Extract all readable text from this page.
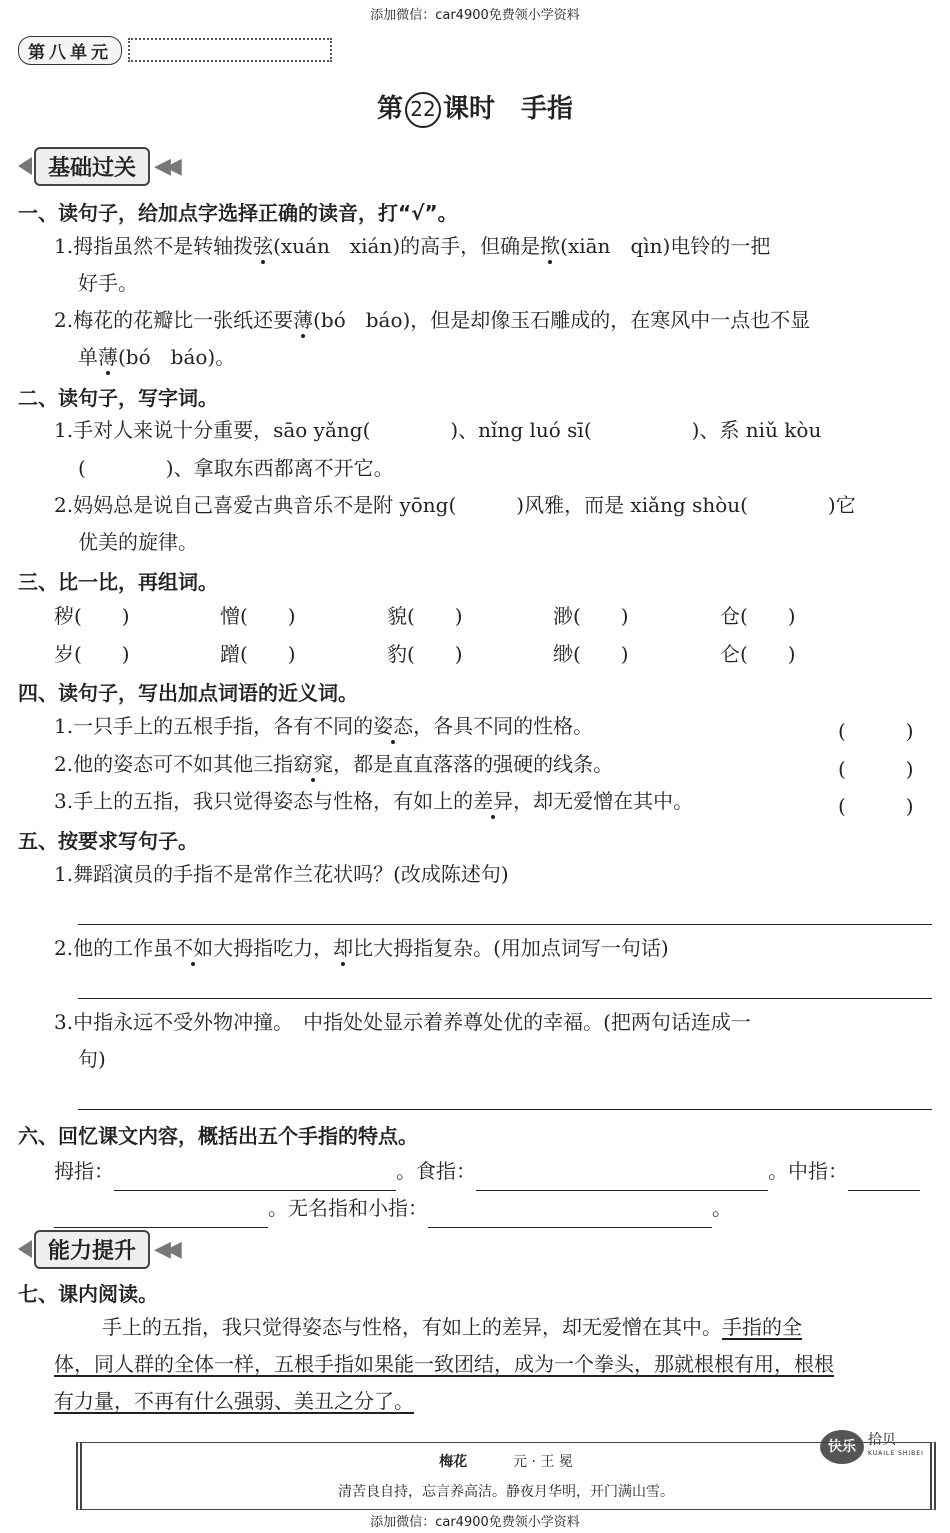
添加微信：car4900免费领小学资料
第八单元
第 22 课时 手指
基础过关 ◀◀
一、读句子，给加点字选择正确的读音，打“√”。
1.拇指虽然不是转轴拨弦(xuán　xián)的高手，但确是揿(xiān　qìn)电铃的一把
好手。
2.梅花的花瓣比一张纸还要薄(bó　báo)，但是却像玉石雕成的，在寒风中一点也不显
单薄(bó　báo)。
二、读句子，写字词。
1.手对人来说十分重要，sāo yǎng(　　　　)、nǐng luó sī(　　　　　)、系 niǔ kòu
(　　　　)、拿取东西都离不开它。
2.妈妈总是说自己喜爱古典音乐不是附 yōng(　　　)风雅，而是 xiǎng shòu(　　　　)它
优美的旋律。
三、比一比，再组词。
秽(　　)	憎(　　)	貌(　　)	渺(　　)	仓(　　)
岁(　　)	蹭(　　)	豹(　　)	缈(　　)	仑(　　)
四、读句子，写出加点词语的近义词。
1.一只手上的五根手指，各有不同的姿态，各具不同的性格。	(　　　)
2.他的姿态可不如其他三指窈窕，都是直直落落的强硬的线条。	(　　　)
3.手上的五指，我只觉得姿态与性格，有如上的差异，却无爱憎在其中。	(　　　)
五、按要求写句子。
1.舞蹈演员的手指不是常作兰花状吗？(改成陈述句)
2.他的工作虽不如大拇指吃力，却比大拇指复杂。(用加点词写一句话)
3.中指永远不受外物冲撞。　中指处处显示着养尊处优的幸福。(把两句话连成一
句)
六、回忆课文内容，概括出五个手指的特点。
拇指：	。食指：	。中指：
。无名指和小指：	。
能力提升 ◀◀
七、课内阅读。
手上的五指，我只觉得姿态与性格，有如上的差异，却无爱憎在其中。手指的全
体，同人群的全体一样，五根手指如果能一致团结，成为一个拳头，那就根根有用，根根
有力量，不再有什么强弱、美丑之分了。
快乐 拾贝
KUAILE SHIBEI
梅花	元 · 王 冕
清苦良自持，忘言养高洁。静夜月华明，开门满山雪。
添加微信：car4900免费领小学资料
